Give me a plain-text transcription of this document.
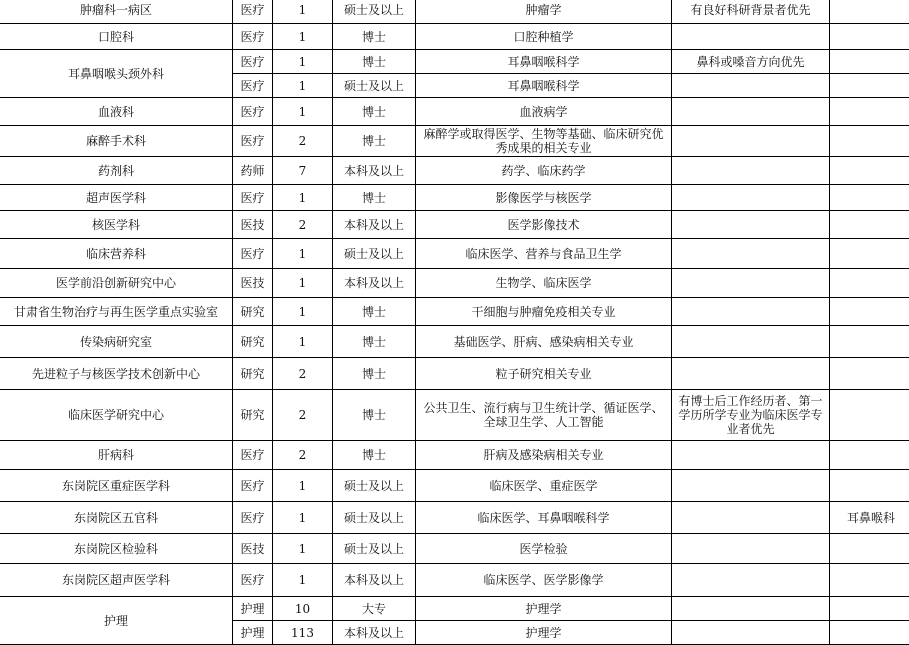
肿瘤科一病区	医疗	1	硕士及以上	肿瘤学	有良好科研背景者优先	
口腔科	医疗	1	博士	口腔种植学		
耳鼻咽喉头颈外科	医疗	1	博士	耳鼻咽喉科学	鼻科或嗓音方向优先	
	医疗	1	硕士及以上	耳鼻咽喉科学		
血液科	医疗	1	博士	血液病学		
麻醉手术科	医疗	2	博士	麻醉学或取得医学、生物等基础、临床研究优秀成果的相关专业		
药剂科	药师	7	本科及以上	药学、临床药学		
超声医学科	医疗	1	博士	影像医学与核医学		
核医学科	医技	2	本科及以上	医学影像技术		
临床营养科	医疗	1	硕士及以上	临床医学、营养与食品卫生学		
医学前沿创新研究中心	医技	1	本科及以上	生物学、临床医学		
甘肃省生物治疗与再生医学重点实验室	研究	1	博士	干细胞与肿瘤免疫相关专业		
传染病研究室	研究	1	博士	基础医学、肝病、感染病相关专业		
先进粒子与核医学技术创新中心	研究	2	博士	粒子研究相关专业		
临床医学研究中心	研究	2	博士	公共卫生、流行病与卫生统计学、循证医学、全球卫生学、人工智能	有博士后工作经历者、第一学历所学专业为临床医学专业者优先	
肝病科	医疗	2	博士	肝病及感染病相关专业		
东岗院区重症医学科	医疗	1	硕士及以上	临床医学、重症医学		
东岗院区五官科	医疗	1	硕士及以上	临床医学、耳鼻咽喉科学		耳鼻喉科
东岗院区检验科	医技	1	硕士及以上	医学检验		
东岗院区超声医学科	医疗	1	本科及以上	临床医学、医学影像学		
护理	护理	10	大专	护理学		
	护理	113	本科及以上	护理学		
